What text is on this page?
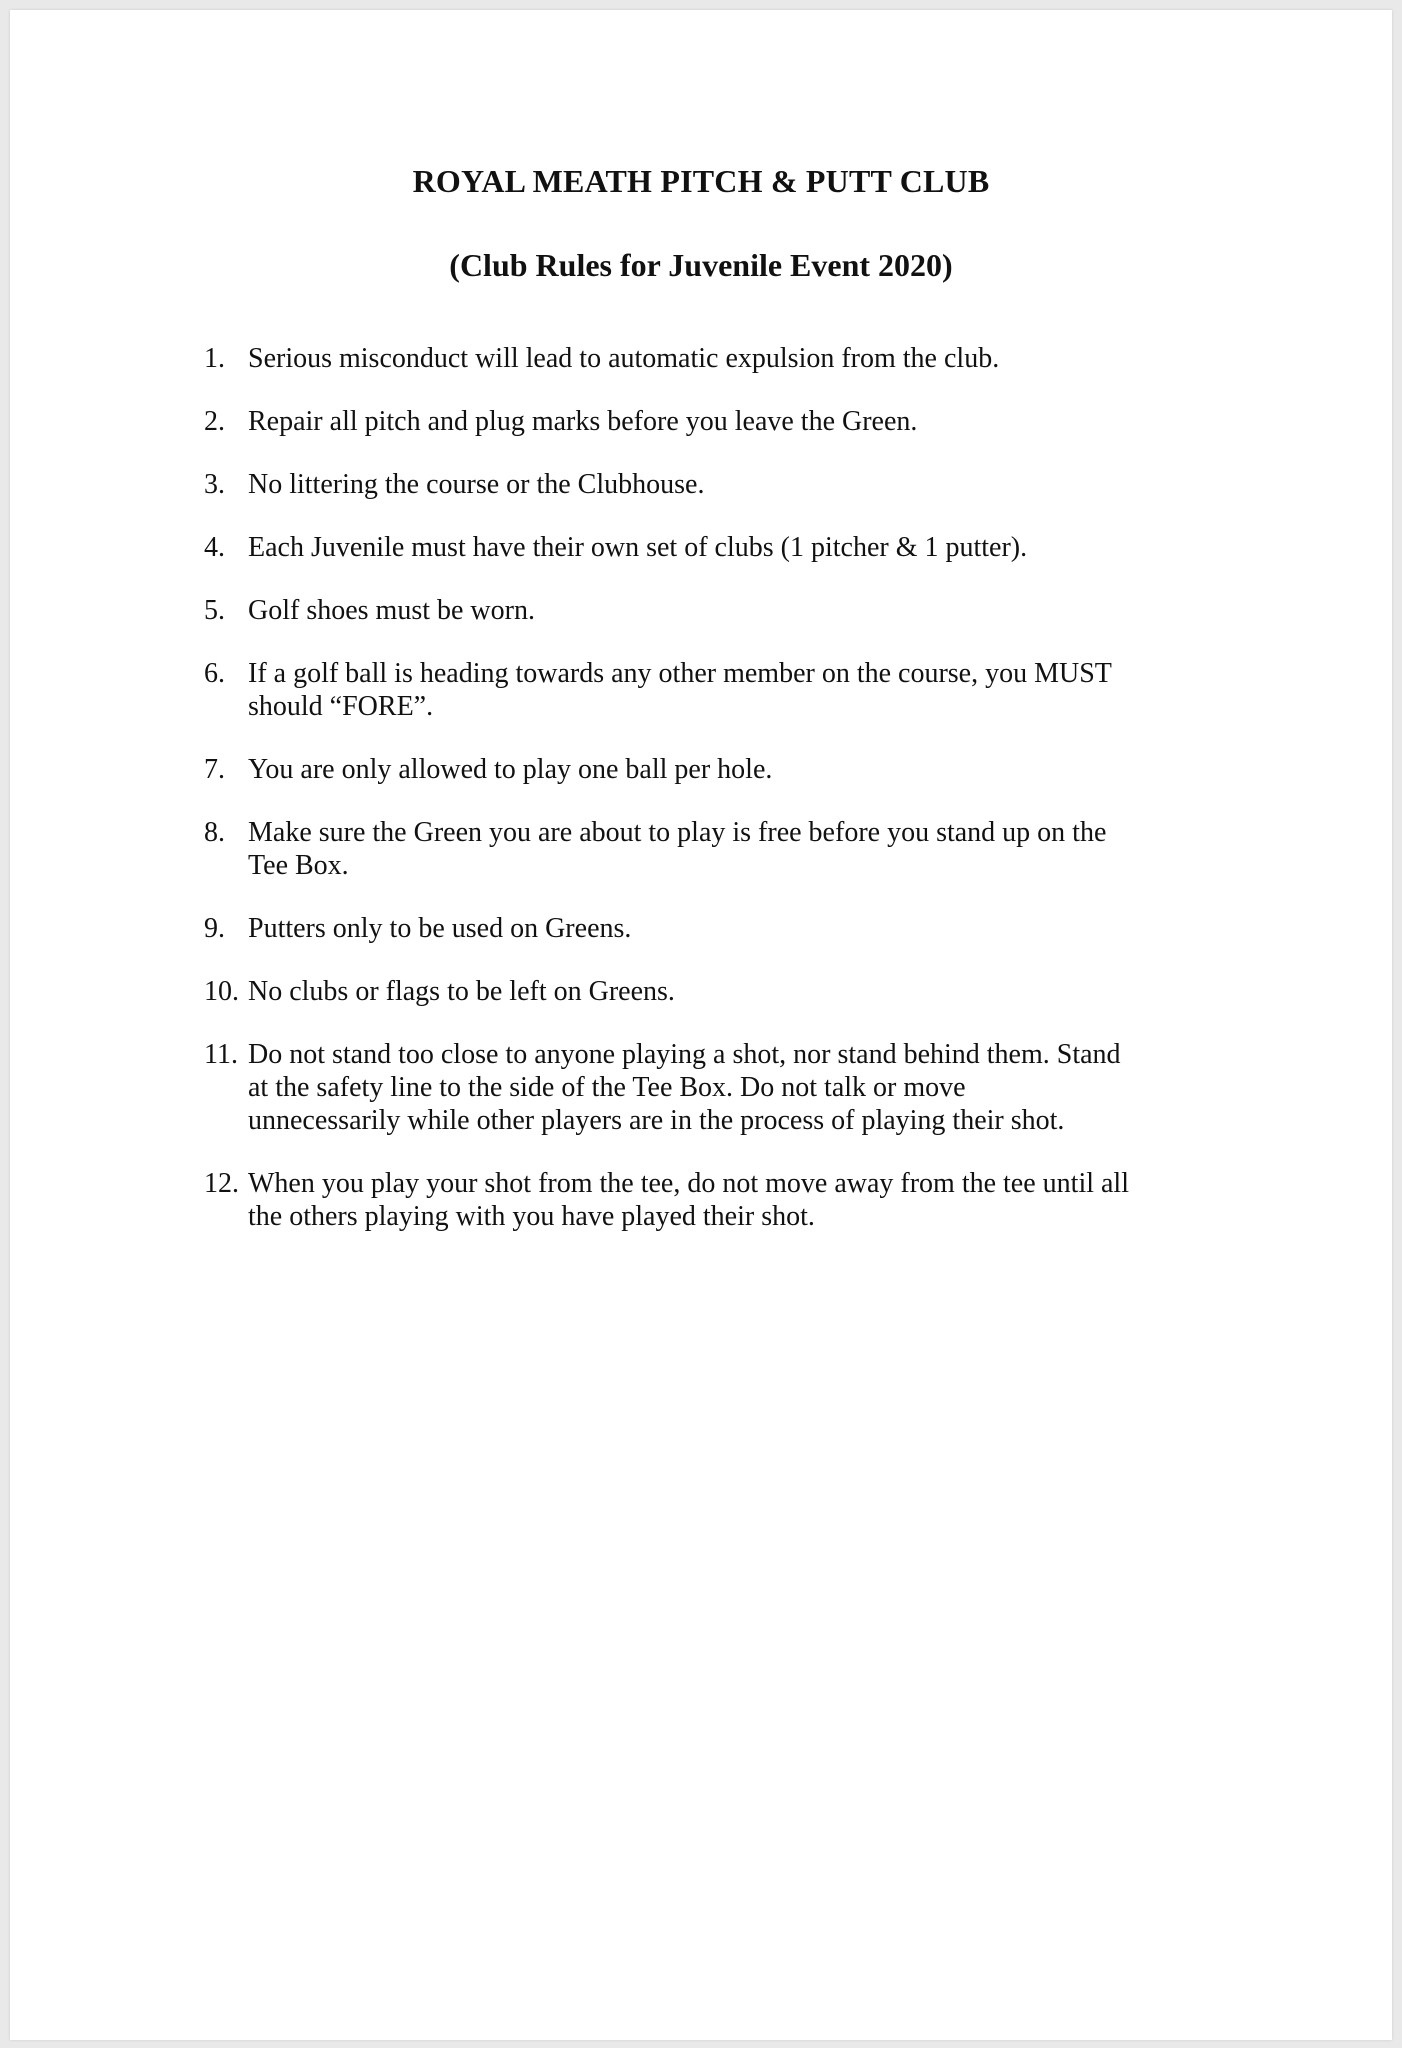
ROYAL MEATH PITCH & PUTT CLUB
(Club Rules for Juvenile Event 2020)
1. Serious misconduct will lead to automatic expulsion from the club.
2. Repair all pitch and plug marks before you leave the Green.
3. No littering the course or the Clubhouse.
4. Each Juvenile must have their own set of clubs (1 pitcher & 1 putter).
5. Golf shoes must be worn.
6. If a golf ball is heading towards any other member on the course, you MUST
should “FORE”.
7. You are only allowed to play one ball per hole.
8. Make sure the Green you are about to play is free before you stand up on the
Tee Box.
9. Putters only to be used on Greens.
10. No clubs or flags to be left on Greens.
11. Do not stand too close to anyone playing a shot, nor stand behind them. Stand
at the safety line to the side of the Tee Box. Do not talk or move
unnecessarily while other players are in the process of playing their shot.
12. When you play your shot from the tee, do not move away from the tee until all
the others playing with you have played their shot.
